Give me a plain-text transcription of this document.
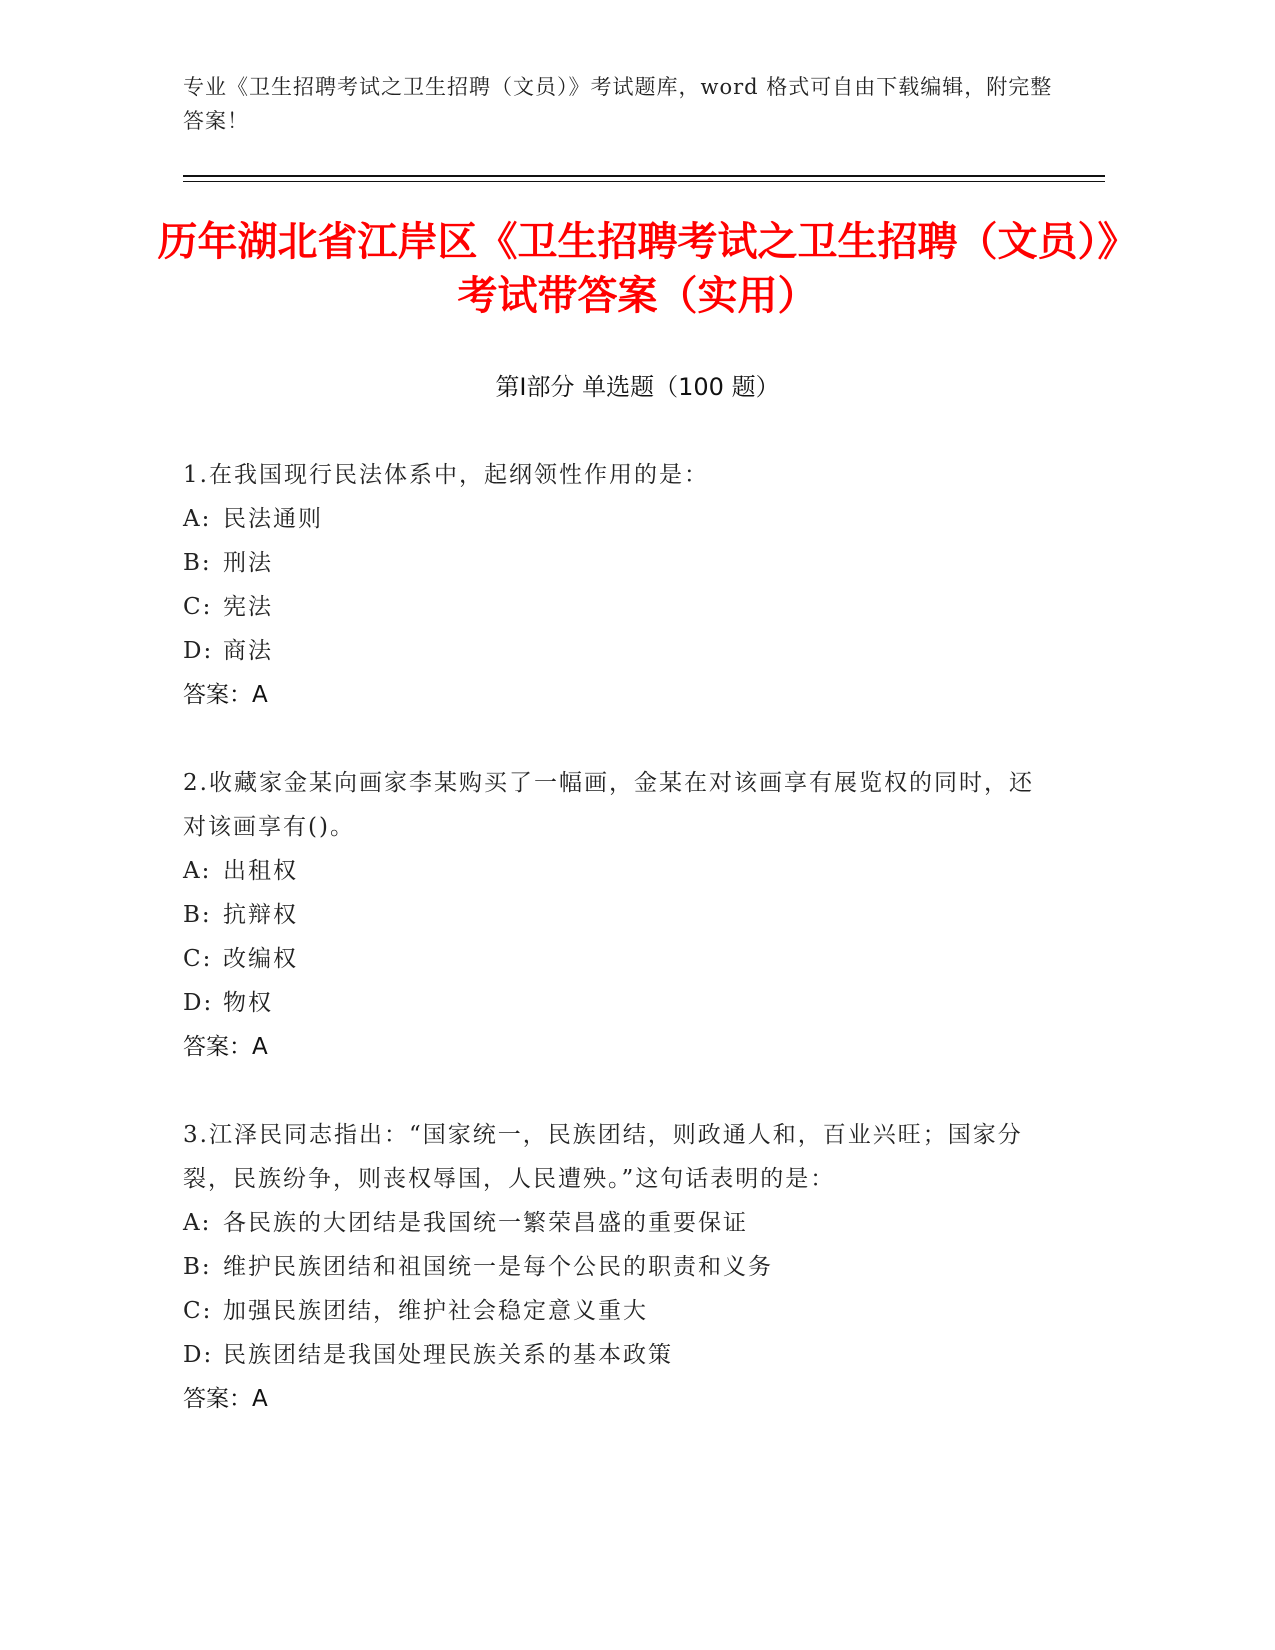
专业《卫生招聘考试之卫生招聘（文员）》考试题库，word 格式可自由下载编辑，附完整答案！
历年湖北省江岸区《卫生招聘考试之卫生招聘（文员）》考试带答案（实用）
第Ⅰ部分 单选题（100 题）

1.在我国现行民法体系中，起纲领性作用的是：

A: 民法通则

B: 刑法

C: 宪法

D: 商法

答案：A

2.收藏家金某向画家李某购买了一幅画，金某在对该画享有展览权的同时，还对该画享有()。

A: 出租权

B: 抗辩权

C: 改编权

D: 物权

答案：A

3.江泽民同志指出：“国家统一，民族团结，则政通人和，百业兴旺；国家分裂，民族纷争，则丧权辱国，人民遭殃。”这句话表明的是：

A: 各民族的大团结是我国统一繁荣昌盛的重要保证

B: 维护民族团结和祖国统一是每个公民的职责和义务

C: 加强民族团结，维护社会稳定意义重大

D: 民族团结是我国处理民族关系的基本政策

答案：A
